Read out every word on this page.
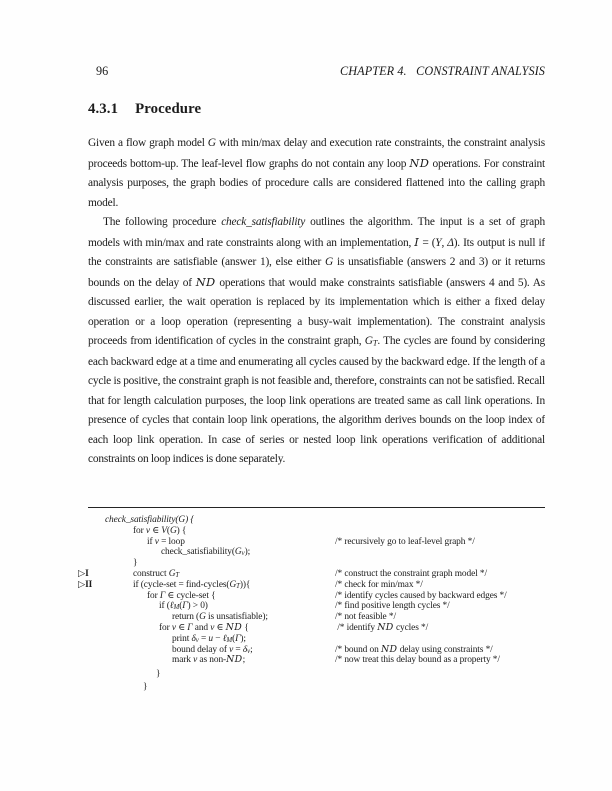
96	CHAPTER 4.   CONSTRAINT ANALYSIS
4.3.1 Procedure

Given a flow graph model G with min/max delay and execution rate constraints, the constraint analysis proceeds bottom-up. The leaf-level flow graphs do not contain any loop ND operations. For constraint analysis purposes, the graph bodies of procedure calls are considered flattened into the calling graph model.

The following procedure check_satisfiability outlines the algorithm. The input is a set of graph models with min/max and rate constraints along with an implementation, I = (Υ, Δ). Its output is null if the constraints are satisfiable (answer 1), else either G is unsatisfiable (answers 2 and 3) or it returns bounds on the delay of ND operations that would make constraints satisfiable (answers 4 and 5). As discussed earlier, the wait operation is replaced by its implementation which is either a fixed delay operation or a loop operation (representing a busy-wait implementation). The constraint analysis proceeds from identification of cycles in the constraint graph, GT. The cycles are found by considering each backward edge at a time and enumerating all cycles caused by the backward edge. If the length of a cycle is positive, the constraint graph is not feasible and, therefore, constraints can not be satisfied. Recall that for length calculation purposes, the loop link operations are treated same as call link operations. In presence of cycles that contain loop link operations, the algorithm derives bounds on the loop index of each loop link operation. In case of series or nested loop link operations verification of additional constraints on loop indices is done separately.

check_satisfiability(G) {
for v ∈ V(G) {
if v = loop	/* recursively go to leaf-level graph */
check_satisfiability(Gv);
}
▷I	construct GT	/* construct the constraint graph model */
▷II	if (cycle-set = find-cycles(GT)){	/* check for min/max */
for Γ ∈ cycle-set {	/* identify cycles caused by backward edges */
if (ℓM(Γ) > 0)	/* find positive length cycles */
return (G is unsatisfiable);	/* not feasible */
for v ∈ Γ and v ∈ ND {	/* identify ND cycles */
print δv = u − ℓM(Γ);
bound delay of v = δv;	/* bound on ND delay using constraints */
mark v as non-ND;	/* now treat this delay bound as a property */
}
}
